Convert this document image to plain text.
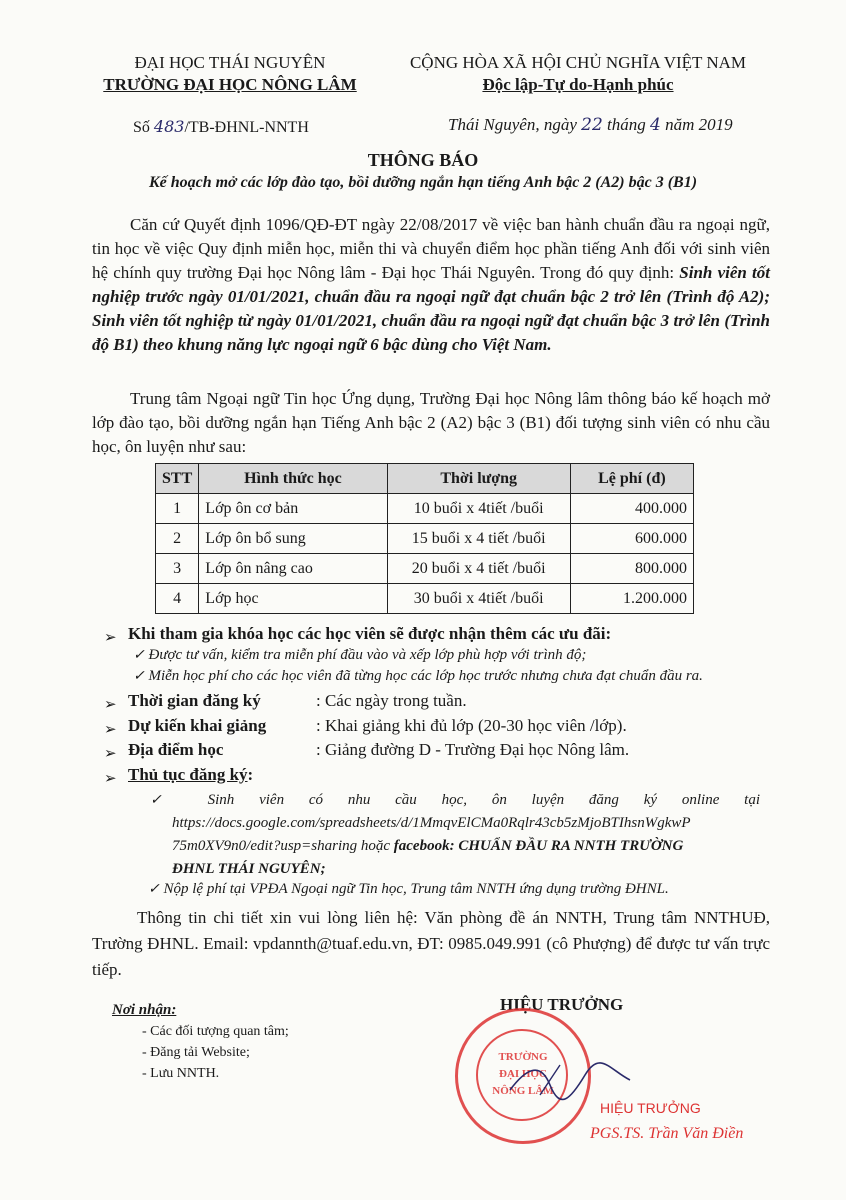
ĐẠI HỌC THÁI NGUYÊN
TRƯỜNG ĐẠI HỌC NÔNG LÂM
CỘNG HÒA XÃ HỘI CHỦ NGHĨA VIỆT NAM
Độc lập-Tự do-Hạnh phúc
Số 483/TB-ĐHNL-NNTH	Thái Nguyên, ngày 22 tháng 4 năm 2019
THÔNG BÁO
Kế hoạch mở các lớp đào tạo, bồi dưỡng ngắn hạn tiếng Anh bậc 2 (A2) bậc 3 (B1)

Căn cứ Quyết định 1096/QĐ-ĐT ngày 22/08/2017 về việc ban hành chuẩn đầu ra ngoại ngữ, tin học về việc Quy định miễn học, miễn thi và chuyển điểm học phần tiếng Anh đối với sinh viên hệ chính quy trường Đại học Nông lâm - Đại học Thái Nguyên. Trong đó quy định: Sinh viên tốt nghiệp trước ngày 01/01/2021, chuẩn đầu ra ngoại ngữ đạt chuẩn bậc 2 trở lên (Trình độ A2); Sinh viên tốt nghiệp từ ngày 01/01/2021, chuẩn đầu ra ngoại ngữ đạt chuẩn bậc 3 trở lên (Trình độ B1) theo khung năng lực ngoại ngữ 6 bậc dùng cho Việt Nam.

Trung tâm Ngoại ngữ Tin học Ứng dụng, Trường Đại học Nông lâm thông báo kế hoạch mở lớp đào tạo, bồi dưỡng ngắn hạn Tiếng Anh bậc 2 (A2) bậc 3 (B1) đối tượng sinh viên có nhu cầu học, ôn luyện như sau:

STT	Hình thức học	Thời lượng	Lệ phí (đ)
1	Lớp ôn cơ bản	10 buổi x 4tiết /buổi	400.000
2	Lớp ôn bổ sung	15 buổi x 4 tiết /buổi	600.000
3	Lớp ôn nâng cao	20 buổi x 4 tiết /buổi	800.000
4	Lớp học	30 buổi x 4tiết /buổi	1.200.000
➢ Khi tham gia khóa học các học viên sẽ được nhận thêm các ưu đãi:
✓ Được tư vấn, kiểm tra miễn phí đầu vào và xếp lớp phù hợp với trình độ;
✓ Miễn học phí cho các học viên đã từng học các lớp học trước nhưng chưa đạt chuẩn đầu ra.
➢ Thời gian đăng ký	: Các ngày trong tuần.
➢ Dự kiến khai giảng	: Khai giảng khi đủ lớp (20-30 học viên /lớp).
➢ Địa điểm học	: Giảng đường D - Trường Đại học Nông lâm.
➢ Thủ tục đăng ký:
✓ Sinh viên có nhu cầu học, ôn luyện đăng ký online tại
https://docs.google.com/spreadsheets/d/1MmqvElCMa0Rqlr43cb5zMjoBTIhsnWgkwP
75m0XV9n0/edit?usp=sharing hoặc facebook: CHUẨN ĐẦU RA NNTH TRƯỜNG
ĐHNL THÁI NGUYÊN;
✓ Nộp lệ phí tại VPĐA Ngoại ngữ Tin học, Trung tâm NNTH ứng dụng trường ĐHNL.

Thông tin chi tiết xin vui lòng liên hệ: Văn phòng đề án NNTH, Trung tâm NNTHUĐ, Trường ĐHNL. Email: vpdannth@tuaf.edu.vn, ĐT: 0985.049.991 (cô Phượng) để được tư vấn trực tiếp.

Nơi nhận:
- Các đối tượng quan tâm;
- Đăng tải Website;
- Lưu NNTH.
HIỆU TRƯỞNG
TRƯỜNG
ĐẠI HỌC
NÔNG LÂM
HIỆU TRƯỞNG
PGS.TS. Trần Văn Điền
